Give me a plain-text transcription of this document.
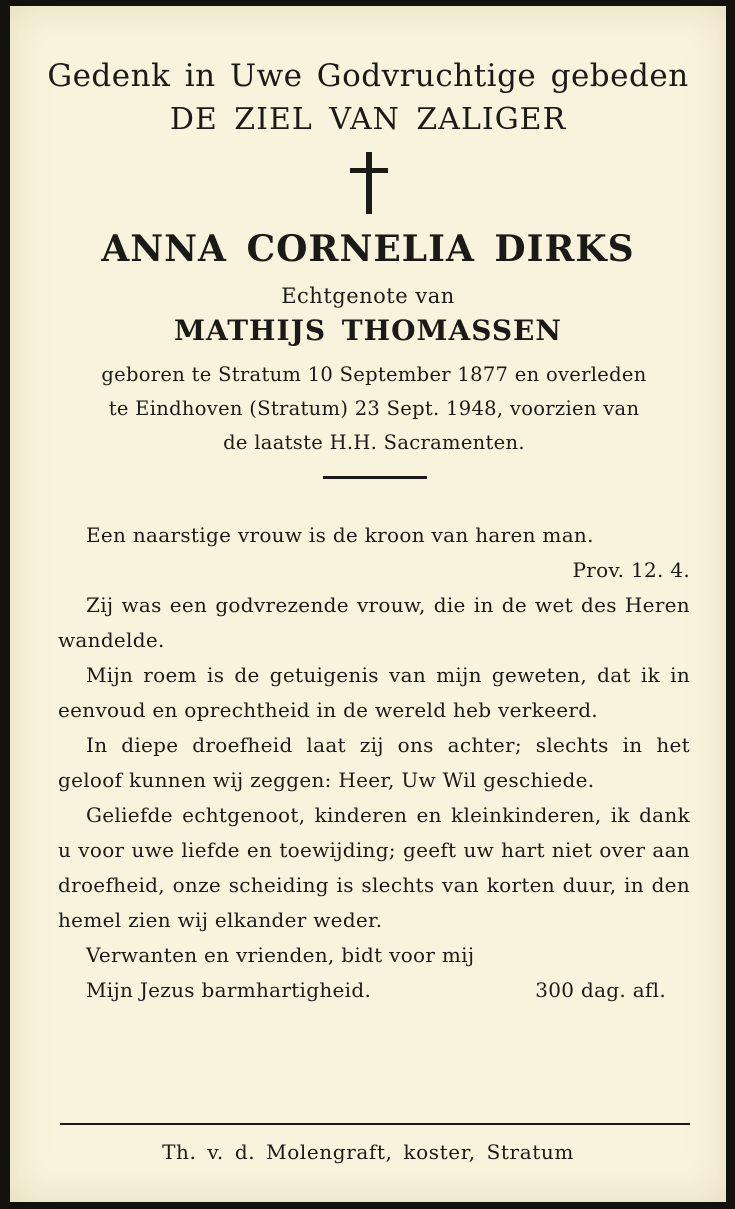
Gedenk in Uwe Godvruchtige gebeden
DE ZIEL VAN ZALIGER
ANNA CORNELIA DIRKS
Echtgenote van
MATHIJS THOMASSEN
geboren te Stratum 10 September 1877 en overleden
te Eindhoven (Stratum) 23 Sept. 1948, voorzien van
de laatste H.H. Sacramenten.

Een naarstige vrouw is de kroon van haren man.

Prov. 12. 4.

Zij was een godvrezende vrouw, die in de wet des Heren wandelde.

Mijn roem is de getuigenis van mijn geweten, dat ik in eenvoud en oprechtheid in de wereld heb verkeerd.

In diepe droefheid laat zij ons achter; slechts in het geloof kunnen wij zeggen: Heer, Uw Wil geschiede.

Geliefde echtgenoot, kinderen en kleinkinderen, ik dank u voor uwe liefde en toewijding; geeft uw hart niet over aan droefheid, onze scheiding is slechts van korten duur, in den hemel zien wij elkander weder.

Verwanten en vrienden, bidt voor mij

Mijn Jezus barmhartigheid.	300 dag. afl.
Th. v. d. Molengraft, koster, Stratum
